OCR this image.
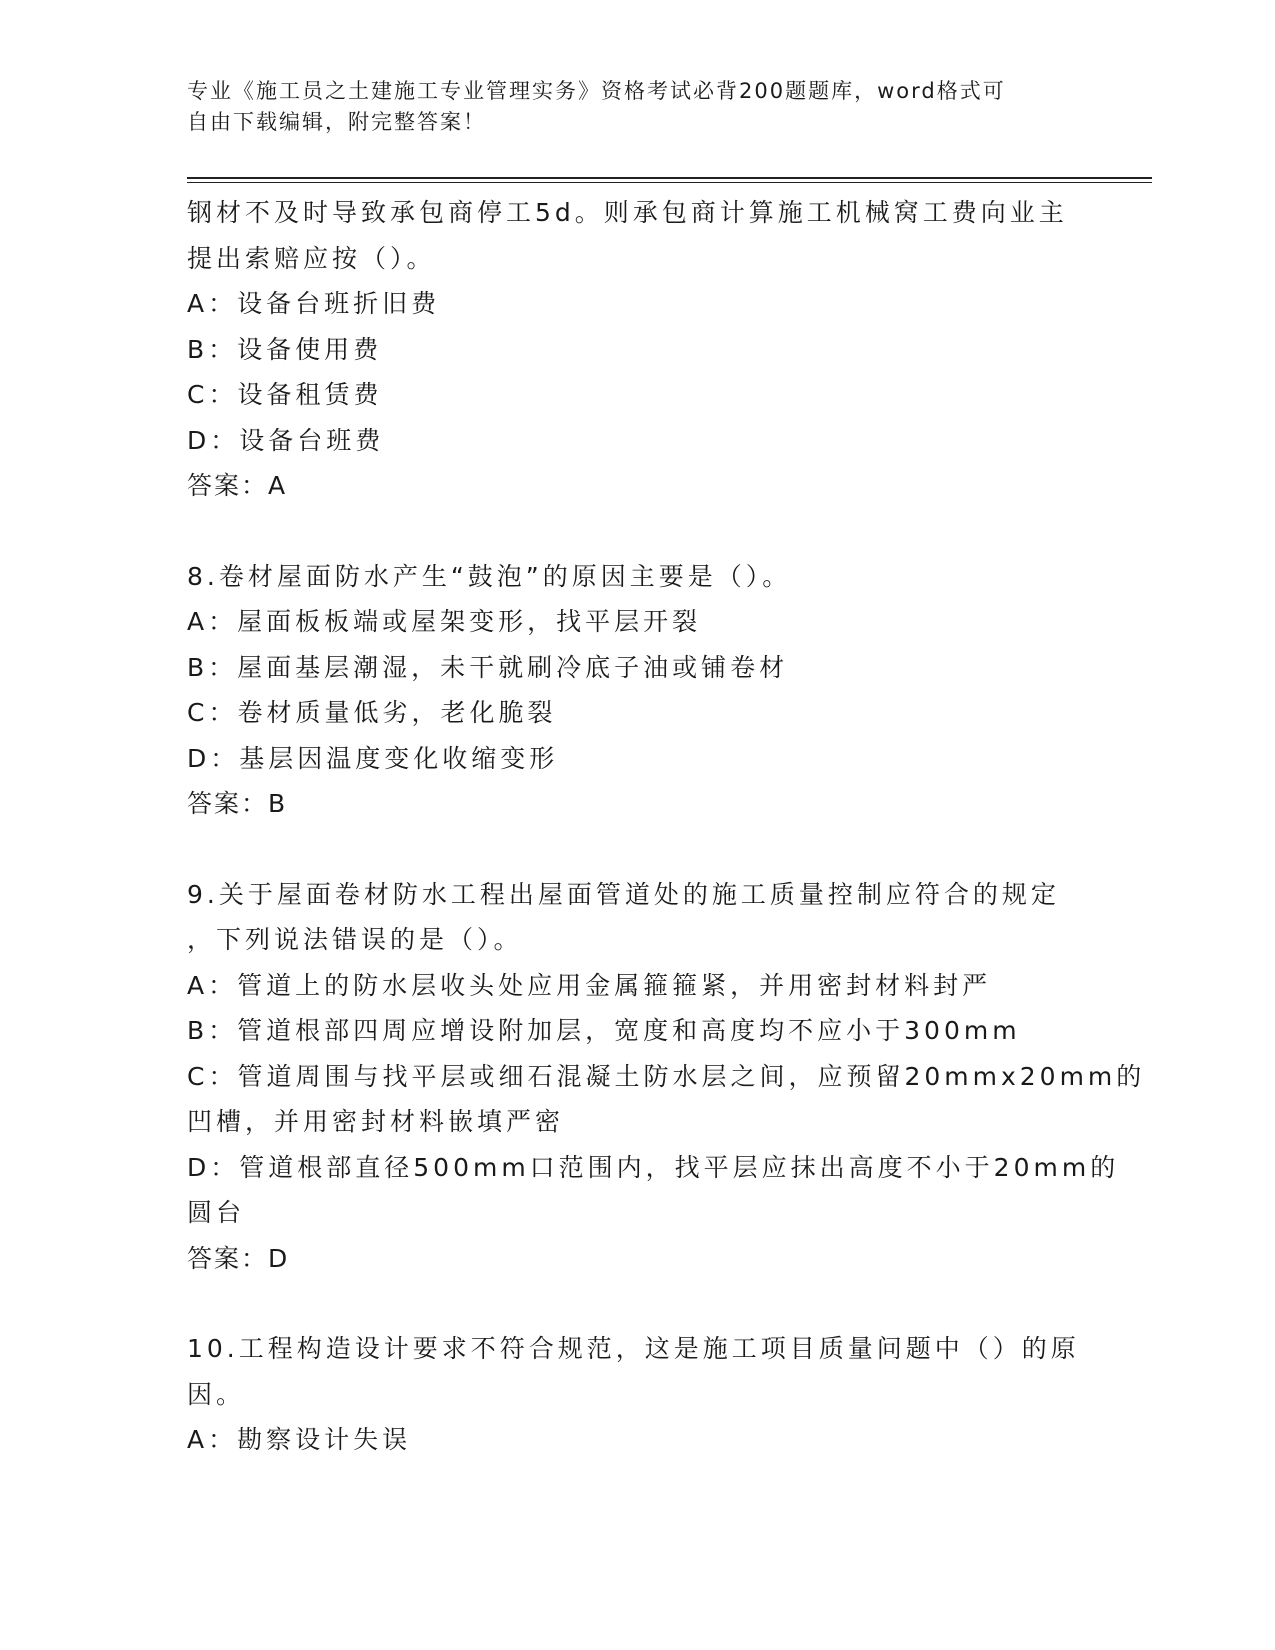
专业《施工员之土建施工专业管理实务》资格考试必背200题题库，word格式可
自由下载编辑，附完整答案！
钢材不及时导致承包商停工5d。则承包商计算施工机械窝工费向业主
提出索赔应按（）。
A：设备台班折旧费
B：设备使用费
C：设备租赁费
D：设备台班费
答案：A
8.卷材屋面防水产生“鼓泡”的原因主要是（）。
A：屋面板板端或屋架变形，找平层开裂
B：屋面基层潮湿，未干就刷冷底子油或铺卷材
C：卷材质量低劣，老化脆裂
D：基层因温度变化收缩变形
答案：B
9.关于屋面卷材防水工程出屋面管道处的施工质量控制应符合的规定
，下列说法错误的是（）。
A：管道上的防水层收头处应用金属箍箍紧，并用密封材料封严
B：管道根部四周应增设附加层，宽度和高度均不应小于300mm
C：管道周围与找平层或细石混凝土防水层之间，应预留20mmx20mm的
凹槽，并用密封材料嵌填严密
D：管道根部直径500mm口范围内，找平层应抹出高度不小于20mm的
圆台
答案：D
10.工程构造设计要求不符合规范，这是施工项目质量问题中（）的原
因。
A：勘察设计失误
